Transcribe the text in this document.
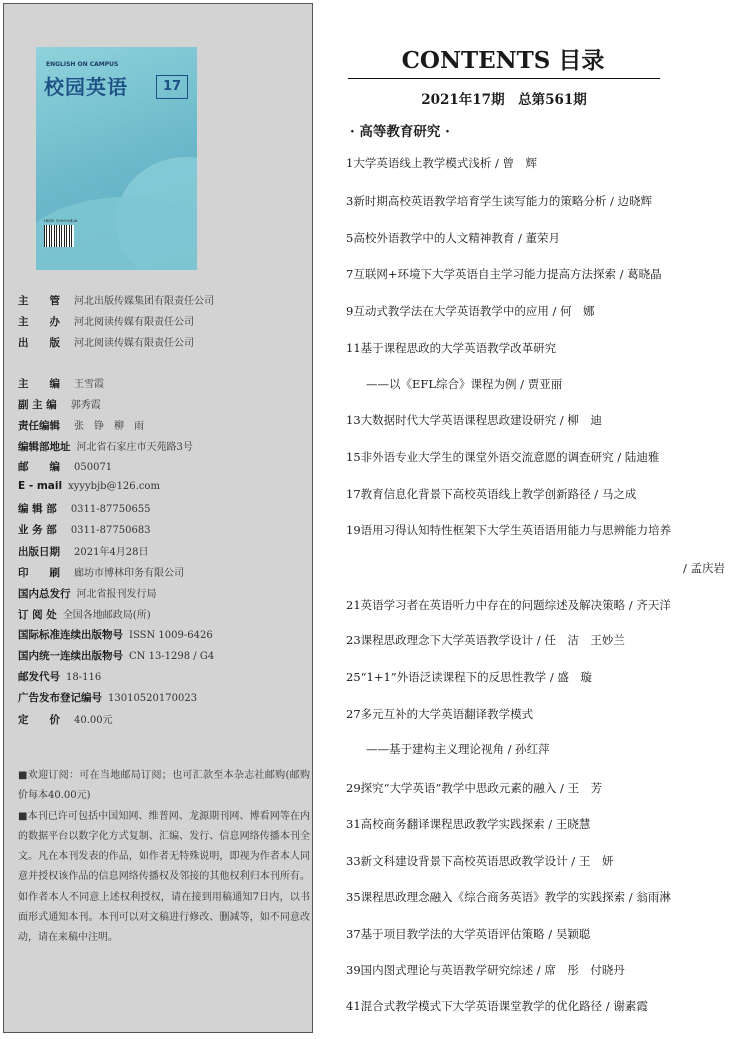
ENGLISH ON CAMPUS
校园英语	17
ISSN 1009-6426
主　　管 河北出版传媒集团有限责任公司
主　　办 河北阅读传媒有限责任公司
出　　版 河北阅读传媒有限责任公司
主　　编 王雪霞
副 主 编 郭秀霞
责任编辑 张　铮　柳　雨
编辑部地址 河北省石家庄市天苑路3号
邮　　编 050071
E - mail xyyybjb@126.com
编 辑 部 0311-87750655
业 务 部 0311-87750683
出版日期 2021年4月28日
印　　刷 廊坊市博林印务有限公司
国内总发行 河北省报刊发行局
订 阅 处 全国各地邮政局(所)
国际标准连续出版物号 ISSN 1009-6426
国内统一连续出版物号 CN 13-1298 / G4
邮发代号 18-116
广告发布登记编号 13010520170023
定　　价 40.00元

■欢迎订阅：可在当地邮局订阅；也可汇款至本杂志社邮购(邮购价每本40.00元)

■本刊已许可包括中国知网、维普网、龙源期刊网、博看网等在内的数据平台以数字化方式复制、汇编、发行、信息网络传播本刊全文。凡在本刊发表的作品，如作者无特殊说明，即视为作者本人同意并授权该作品的信息网络传播权及邻接的其他权利归本刊所有。如作者本人不同意上述权利授权，请在接到用稿通知7日内，以书面形式通知本刊。本刊可以对文稿进行修改、删减等，如不同意改动，请在来稿中注明。

CONTENTS 目录
2021年17期　总第561期
· 高等教育研究 ·
1大学英语线上教学模式浅析 / 曾　辉
3新时期高校英语教学培育学生读写能力的策略分析 / 边晓辉
5高校外语教学中的人文精神教育 / 董荣月
7互联网+环境下大学英语自主学习能力提高方法探索 / 葛晓晶
9互动式教学法在大学英语教学中的应用 / 何　娜
11基于课程思政的大学英语教学改革研究
——以《EFL综合》课程为例 / 贾亚丽
13大数据时代大学英语课程思政建设研究 / 柳　迪
15非外语专业大学生的课堂外语交流意愿的调查研究 / 陆迪雅
17教育信息化背景下高校英语线上教学创新路径 / 马之成
19语用习得认知特性框架下大学生英语语用能力与思辨能力培养
/ 孟庆岩
21英语学习者在英语听力中存在的问题综述及解决策略 / 齐天洋
23课程思政理念下大学英语教学设计 / 任　洁　王妙兰
25“1+1”外语泛读课程下的反思性教学 / 盛　璇
27多元互补的大学英语翻译教学模式
——基于建构主义理论视角 / 孙红萍
29探究“大学英语”教学中思政元素的融入 / 王　芳
31高校商务翻译课程思政教学实践探索 / 王晓慧
33新文科建设背景下高校英语思政教学设计 / 王　妍
35课程思政理念融入《综合商务英语》教学的实践探索 / 翁雨淋
37基于项目教学法的大学英语评估策略 / 吴颖聪
39国内图式理论与英语教学研究综述 / 席　彤　付晓丹
41混合式教学模式下大学英语课堂教学的优化路径 / 谢素霞
